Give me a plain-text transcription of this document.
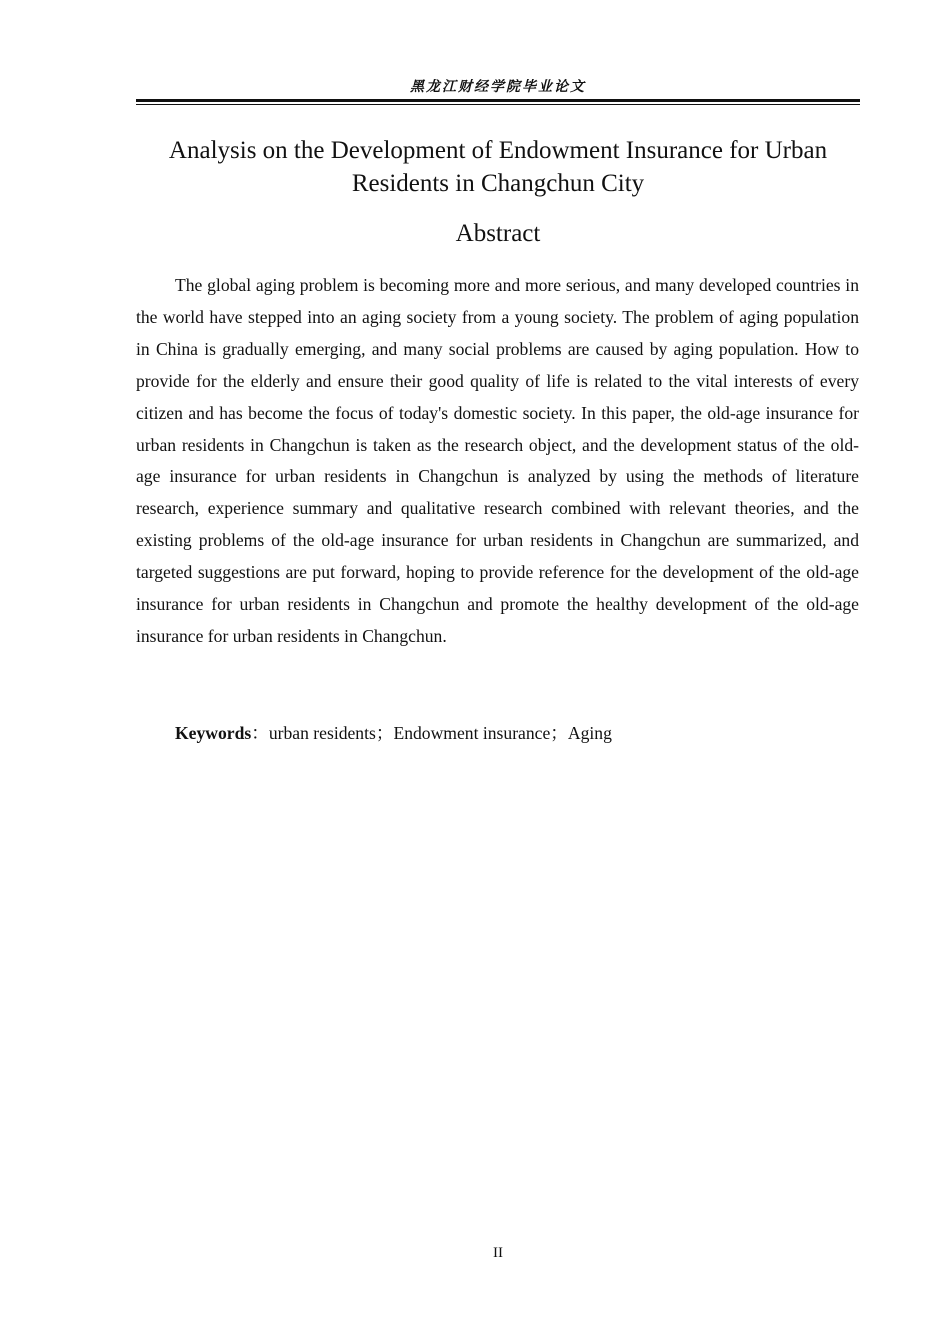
黑龙江财经学院毕业论文
Analysis on the Development of Endowment Insurance for Urban Residents in Changchun City
Abstract

The global aging problem is becoming more and more serious, and many developed countries in the world have stepped into an aging society from a young society. The problem of aging population in China is gradually emerging, and many social problems are caused by aging population. How to provide for the elderly and ensure their good quality of life is related to the vital interests of every citizen and has become the focus of today's domestic society. In this paper, the old-age insurance for urban residents in Changchun is taken as the research object, and the development status of the old-age insurance for urban residents in Changchun is analyzed by using the methods of literature research, experience summary and qualitative research combined with relevant theories, and the existing problems of the old-age insurance for urban residents in Changchun are summarized, and targeted suggestions are put forward, hoping to provide reference for the development of the old-age insurance for urban residents in Changchun and promote the healthy development of the old-age insurance for urban residents in Changchun.

Keywords：urban residents；Endowment insurance；Aging
II
